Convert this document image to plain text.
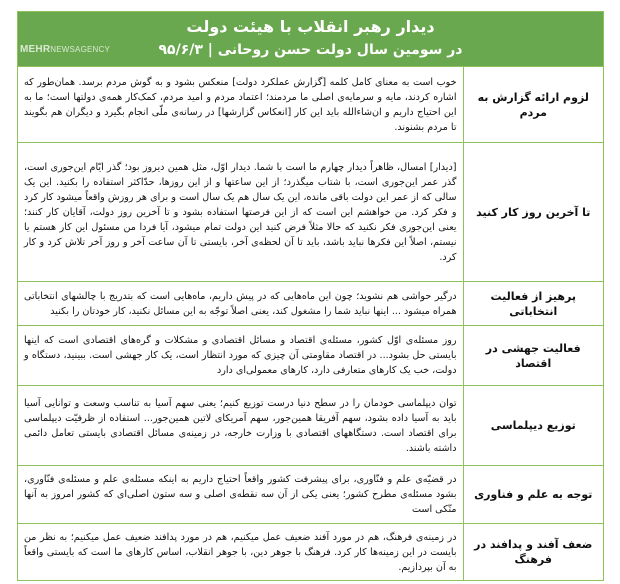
دیدار رهبر انقلاب با هیئت دولت
در سومین سال دولت حسن روحانی | ۹۵/۶/۳
MEHRNEWSAGENCY
لزوم ارائه گزارش به مردم	خوب است به معنای کامل کلمه [گزارش عملکرد دولت] منعکس بشود و به گوش مردم برسد. همان‌طور که اشاره کردند، مایه و سرمایه‌ی اصلی ما مردمند؛ اعتماد مردم و امید مردم، کمک‌کار همه‌ی دولتها است؛ ما به این احتیاج داریم و ان‌شاءالله باید این کار [انعکاس گزارشها] در رسانه‌ی ملّی انجام بگیرد و دیگران هم بگویند تا مردم بشنوند.
تا آخرین روز کار کنید	[دیدار] امسال، ظاهراً دیدار چهارم ما است با شما. دیدار اوّل، مثل همین دیروز بود؛ گذر ایّام این‌جوری است، گذر عمر این‌جوری است، با شتاب میگذرد؛ از این ساعتها و از این روزها، حدّاکثر استفاده را بکنید. این یک سالی که از عمر این دولت باقی مانده، این یک سال هم یک سال است و برای هر روزش واقعاً میشود کار کرد و فکر کرد. من خواهشم این است که از این فرصتها استفاده بشود و تا آخرین روز دولت، آقایان کار کنند؛ یعنی این‌جوری فکر نکنید که حالا مثلاً فرض کنید این دولت تمام میشود، آیا فردا من مسئول این کار هستم یا نیستم، اصلاً این فکرها نباید باشد، باید تا آن لحظه‌ی آخر، بایستی تا آن ساعت آخر و روز آخر تلاش کرد و کار کرد.
پرهیز از فعالیت انتخاباتی	درگیر حواشی هم نشوید؛ چون این ماه‌هایی که در پیش داریم، ماه‌هایی است که بتدریج با چالشهای انتخاباتی همراه میشود ... اینها نباید شما را مشغول کند، یعنی اصلاً توجّه به این مسائل نکنید، کار خودتان را بکنید
فعالیت جهشی در اقتصاد	روز مسئله‌ی اوّل کشور، مسئله‌ی اقتصاد و مسائل اقتصادی و مشکلات و گره‌های اقتصادی است که اینها بایستی حل بشود... در اقتصاد مقاومتی آن چیزی که مورد انتظار است، یک کار جهشی است. ببینید، دستگاه و دولت، خب یک کارهای متعارفی دارد، کارهای معمولی‌ای دارد
توزیع دیپلماسی	توان دیپلماسی خودمان را در سطح دنیا درست توزیع کنیم؛ یعنی سهم آسیا به تناسب وسعت و توانایی آسیا باید به آسیا داده بشود، سهم آفریقا همین‌جور، سهم آمریکای لاتین همین‌جور... استفاده از ظرفیّت دیپلماسی برای اقتصاد است. دستگاههای اقتصادی با وزارت خارجه، در زمینه‌ی مسائل اقتصادی بایستی تعامل دائمی داشته باشند.
توجه به علم و فناوری	در قضیّه‌ی علم و فنّاوری، برای پیشرفت کشور واقعاً احتیاج داریم به اینکه مسئله‌ی علم و مسئله‌ی فنّاوری، بشود مسئله‌ی مطرح کشور؛ یعنی یکی از آن سه نقطه‌ی اصلی و سه ستون اصلی‌ای که کشور امروز به آنها متّکی است
ضعف آفند و پدافند در فرهنگ	در زمینه‌ی فرهنگ، هم در مورد آفند ضعیف عمل میکنیم، هم در مورد پدافند ضعیف عمل میکنیم؛ به نظر من بایست در این زمینه‌ها کار کرد. فرهنگ با جوهر دین، با جوهر انقلاب، اساس کارهای ما است که بایستی واقعاً به آن بپردازیم.
